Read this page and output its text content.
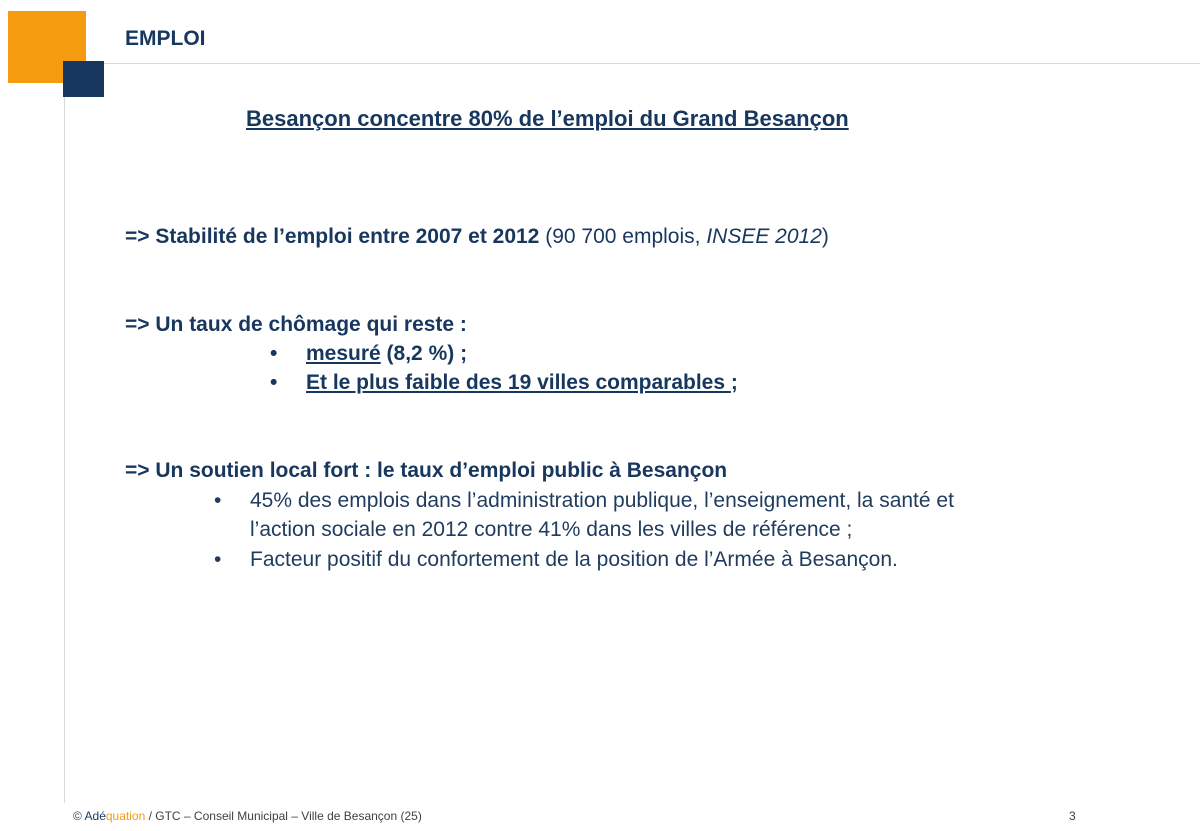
EMPLOI
Besançon concentre 80% de l’emploi du Grand Besançon
=> Stabilité de l’emploi entre 2007 et 2012 (90 700 emplois, INSEE 2012)
=> Un taux de chômage qui reste :
• mesuré (8,2 %) ;
• Et le plus faible des 19 villes comparables ;
=> Un soutien local fort : le taux d’emploi public à Besançon
• 45% des emplois dans l’administration publique, l’enseignement, la santé et
l’action sociale en 2012 contre 41% dans les villes de référence ;
• Facteur positif du confortement de la position de l’Armée à Besançon.
© Adéquation / GTC – Conseil Municipal – Ville de Besançon (25)	3
